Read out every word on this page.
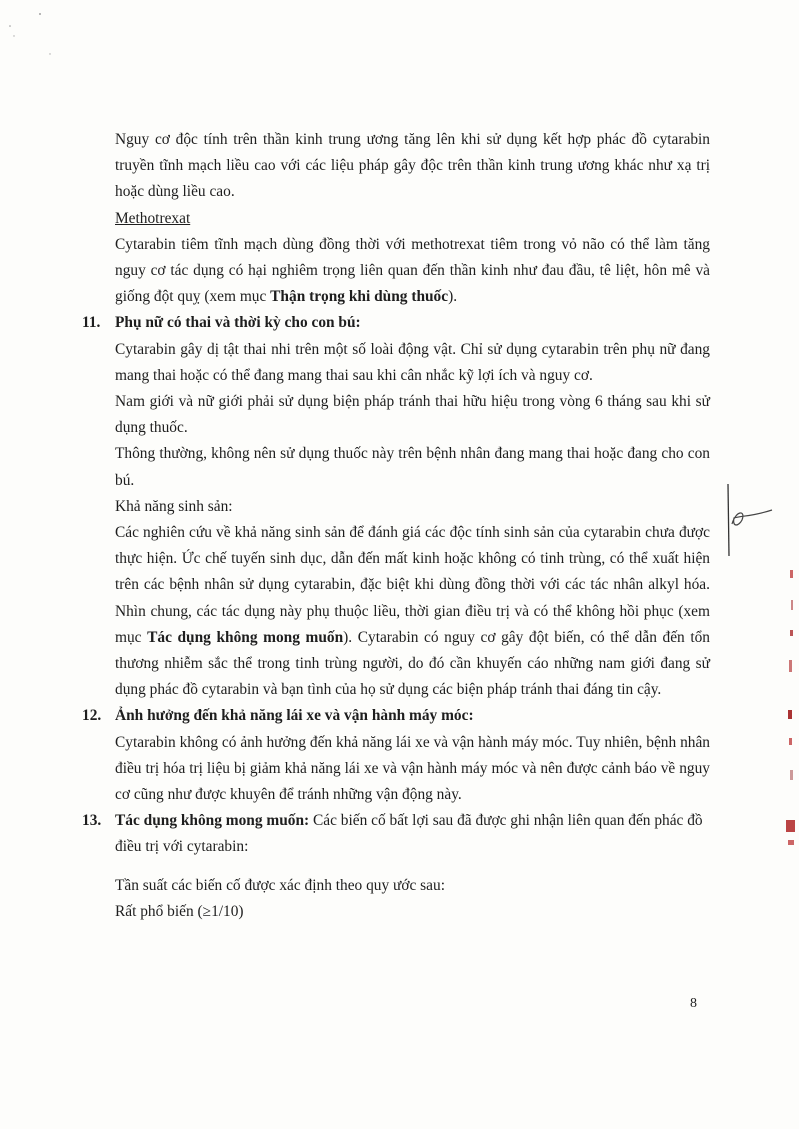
Nguy cơ độc tính trên thần kinh trung ương tăng lên khi sử dụng kết hợp phác đồ cytarabin truyền tĩnh mạch liều cao với các liệu pháp gây độc trên thần kinh trung ương khác như xạ trị hoặc dùng liều cao.

Methotrexat

Cytarabin tiêm tĩnh mạch dùng đồng thời với methotrexat tiêm trong vỏ não có thể làm tăng nguy cơ tác dụng có hại nghiêm trọng liên quan đến thần kinh như đau đầu, tê liệt, hôn mê và giống đột quỵ (xem mục Thận trọng khi dùng thuốc).

11. Phụ nữ có thai và thời kỳ cho con bú:

Cytarabin gây dị tật thai nhi trên một số loài động vật. Chỉ sử dụng cytarabin trên phụ nữ đang mang thai hoặc có thể đang mang thai sau khi cân nhắc kỹ lợi ích và nguy cơ.

Nam giới và nữ giới phải sử dụng biện pháp tránh thai hữu hiệu trong vòng 6 tháng sau khi sử dụng thuốc.

Thông thường, không nên sử dụng thuốc này trên bệnh nhân đang mang thai hoặc đang cho con bú.

Khả năng sinh sản:

Các nghiên cứu về khả năng sinh sản để đánh giá các độc tính sinh sản của cytarabin chưa được thực hiện. Ức chế tuyến sinh dục, dẫn đến mất kinh hoặc không có tinh trùng, có thể xuất hiện trên các bệnh nhân sử dụng cytarabin, đặc biệt khi dùng đồng thời với các tác nhân alkyl hóa. Nhìn chung, các tác dụng này phụ thuộc liều, thời gian điều trị và có thể không hồi phục (xem mục Tác dụng không mong muốn). Cytarabin có nguy cơ gây đột biến, có thể dẫn đến tổn thương nhiễm sắc thể trong tinh trùng người, do đó cần khuyến cáo những nam giới đang sử dụng phác đồ cytarabin và bạn tình của họ sử dụng các biện pháp tránh thai đáng tin cậy.

12. Ảnh hưởng đến khả năng lái xe và vận hành máy móc:

Cytarabin không có ảnh hưởng đến khả năng lái xe và vận hành máy móc. Tuy nhiên, bệnh nhân điều trị hóa trị liệu bị giảm khả năng lái xe và vận hành máy móc và nên được cảnh báo về nguy cơ cũng như được khuyên để tránh những vận động này.

13. Tác dụng không mong muốn: Các biến cố bất lợi sau đã được ghi nhận liên quan đến phác đồ điều trị với cytarabin:

Tần suất các biến cố được xác định theo quy ước sau:

Rất phổ biến (≥1/10)

8
